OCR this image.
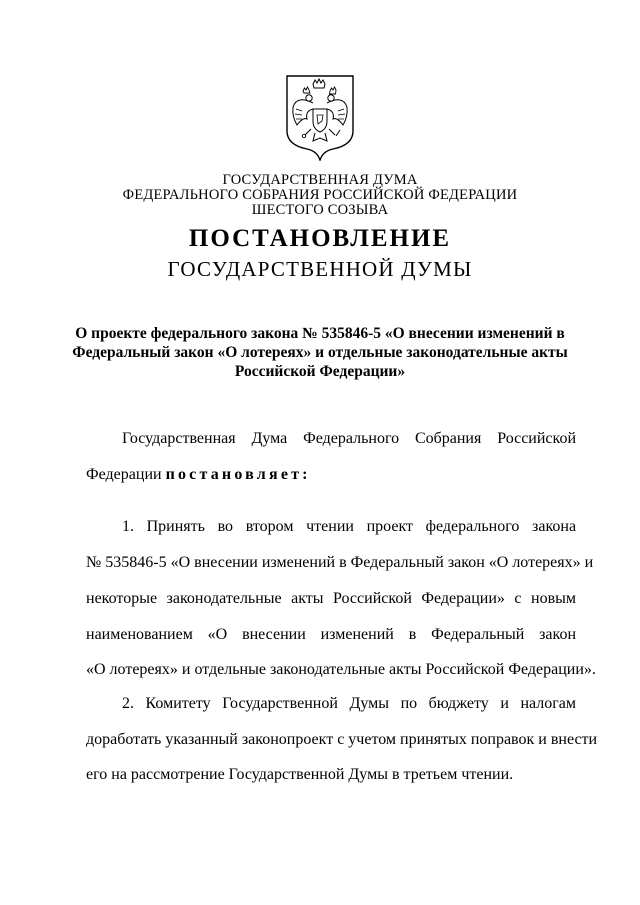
ГОСУДАРСТВЕННАЯ ДУМА
ФЕДЕРАЛЬНОГО СОБРАНИЯ РОССИЙСКОЙ ФЕДЕРАЦИИ
ШЕСТОГО СОЗЫВА
ПОСТАНОВЛЕНИЕ
ГОСУДАРСТВЕННОЙ ДУМЫ
О проекте федерального закона № 535846-5 «О внесении изменений в
Федеральный закон «О лотереях» и отдельные законодательные акты
Российской Федерации»
Государственная Дума Федерального Собрания Российской
Федерации постановляет:
1. Принять во втором чтении проект федерального закона
№ 535846-5 «О внесении изменений в Федеральный закон «О лотереях» и
некоторые законодательные акты Российской Федерации» с новым
наименованием «О внесении изменений в Федеральный закон
«О лотереях» и отдельные законодательные акты Российской Федерации».
2. Комитету Государственной Думы по бюджету и налогам
доработать указанный законопроект с учетом принятых поправок и внести
его на рассмотрение Государственной Думы в третьем чтении.
